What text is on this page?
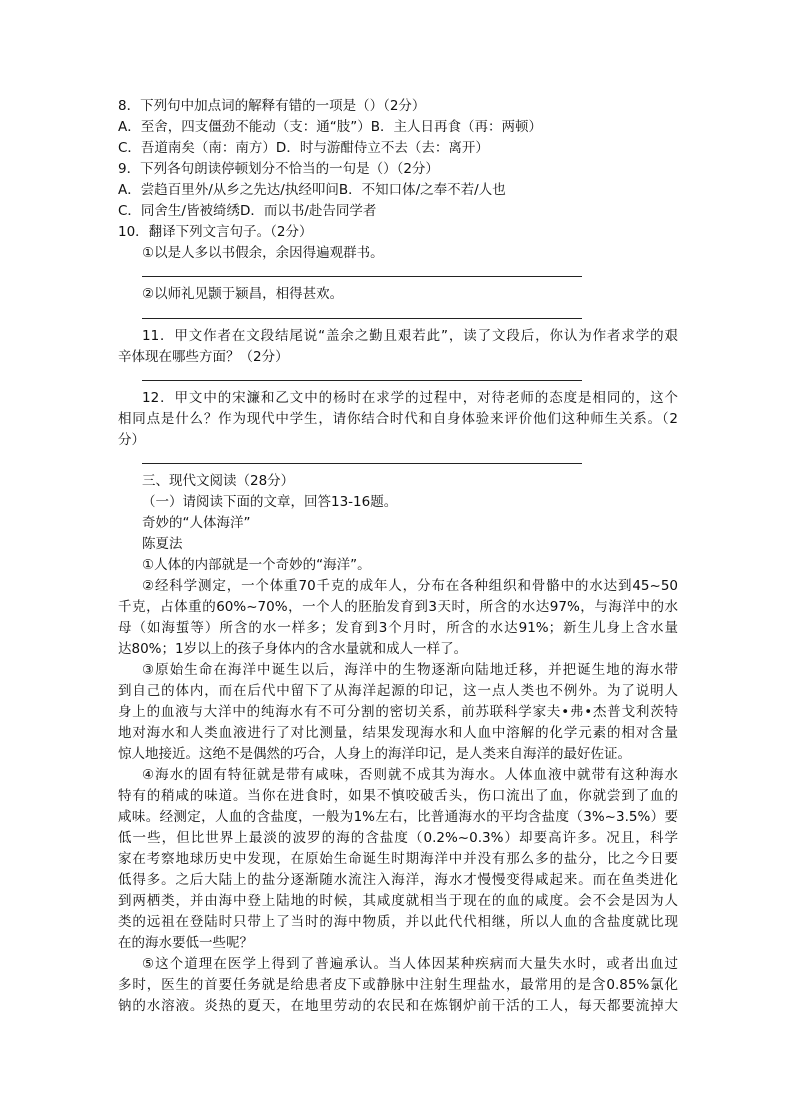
8．下列句中加点词的解释有错的一项是（）（2分）
A．至舍，四支僵劲不能动（支：通“肢”）B．主人日再食（再：两顿）
C．吾道南矣（南：南方）D．时与游酣侍立不去（去：离开）
9．下列各句朗读停顿划分不恰当的一句是（）（2分）
A．尝趋百里外/从乡之先达/执经叩问B．不知口体/之奉不若/人也
C．同舍生/皆被绮绣D．而以书/赴告同学者
10．翻译下列文言句子。（2分）
①以是人多以书假余，余因得遍观群书。
②以师礼见颢于颍昌，相得甚欢。
11．甲文作者在文段结尾说“盖余之勤且艰若此”，读了文段后，你认为作者求学的艰
辛体现在哪些方面？（2分）
12．甲文中的宋濂和乙文中的杨时在求学的过程中，对待老师的态度是相同的，这个
相同点是什么？作为现代中学生，请你结合时代和自身体验来评价他们这种师生关系。（2
分）
三、现代文阅读（28分）
（一）请阅读下面的文章，回答13-16题。
奇妙的“人体海洋”
陈夏法
①人体的内部就是一个奇妙的“海洋”。
②经科学测定，一个体重70千克的成年人，分布在各种组织和骨骼中的水达到45~50
千克，占体重的60%~70%，一个人的胚胎发育到3天时，所含的水达97%，与海洋中的水
母（如海蜇等）所含的水一样多；发育到3个月时，所含的水达91%；新生儿身上含水量
达80%；1岁以上的孩子身体内的含水量就和成人一样了。
③原始生命在海洋中诞生以后，海洋中的生物逐渐向陆地迁移，并把诞生地的海水带
到自己的体内，而在后代中留下了从海洋起源的印记，这一点人类也不例外。为了说明人
身上的血液与大洋中的纯海水有不可分割的密切关系，前苏联科学家夫•弗•杰普戈利茨特
地对海水和人类血液进行了对比测量，结果发现海水和人血中溶解的化学元素的相对含量
惊人地接近。这绝不是偶然的巧合，人身上的海洋印记，是人类来自海洋的最好佐证。
④海水的固有特征就是带有咸味，否则就不成其为海水。人体血液中就带有这种海水
特有的稍咸的味道。当你在进食时，如果不慎咬破舌头，伤口流出了血，你就尝到了血的
咸味。经测定，人血的含盐度，一般为1%左右，比普通海水的平均含盐度（3%~3.5%）要
低一些，但比世界上最淡的波罗的海的含盐度（0.2%~0.3%）却要高许多。况且，科学
家在考察地球历史中发现，在原始生命诞生时期海洋中并没有那么多的盐分，比之今日要
低得多。之后大陆上的盐分逐渐随水流注入海洋，海水才慢慢变得咸起来。而在鱼类进化
到两栖类，并由海中登上陆地的时候，其咸度就相当于现在的血的咸度。会不会是因为人
类的远祖在登陆时只带上了当时的海中物质，并以此代代相继，所以人血的含盐度就比现
在的海水要低一些呢？
⑤这个道理在医学上得到了普遍承认。当人体因某种疾病而大量失水时，或者出血过
多时，医生的首要任务就是给患者皮下或静脉中注射生理盐水，最常用的是含0.85%氯化
钠的水溶液。炎热的夏天，在地里劳动的农民和在炼钢炉前干活的工人，每天都要流掉大
